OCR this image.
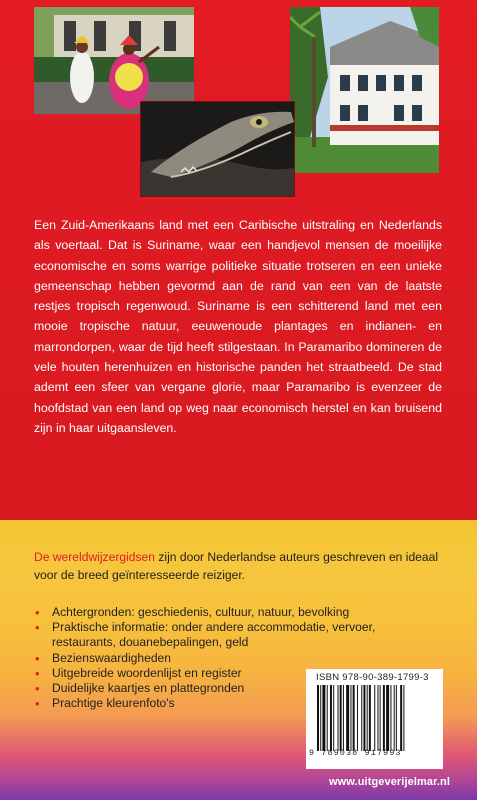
Een Zuid-Amerikaans land met een Caribische uitstraling en Nederlands als voertaal. Dat is Suriname, waar een handjevol mensen de moeilijke economische en soms warrige politieke situatie trotseren en een unieke gemeenschap hebben gevormd aan de rand van een van de laatste restjes tropisch regenwoud. Suriname is een schitterend land met een mooie tropische natuur, eeuwenoude plantages en indianen- en marrondorpen, waar de tijd heeft stilgestaan. In Paramaribo domineren de vele houten herenhuizen en historische panden het straatbeeld. De stad ademt een sfeer van vergane glorie, maar Paramaribo is evenzeer de hoofdstad van een land op weg naar economisch herstel en kan bruisend zijn in haar uitgaansleven.

De wereldwijzergidsen zijn door Nederlandse auteurs geschreven en ideaal voor de breed geïnteresseerde reiziger.

• Achtergronden: geschiedenis, cultuur, natuur, bevolking
• Praktische informatie: onder andere accommodatie, vervoer, restaurants, douanebepalingen, geld
• Bezienswaardigheden
• Uitgebreide woordenlijst en register
• Duidelijke kaartjes en plattegronden
• Prachtige kleurenfoto's
ISBN 978-90-389-1799-3
9 789038 917993
www.uitgeverijelmar.nl
